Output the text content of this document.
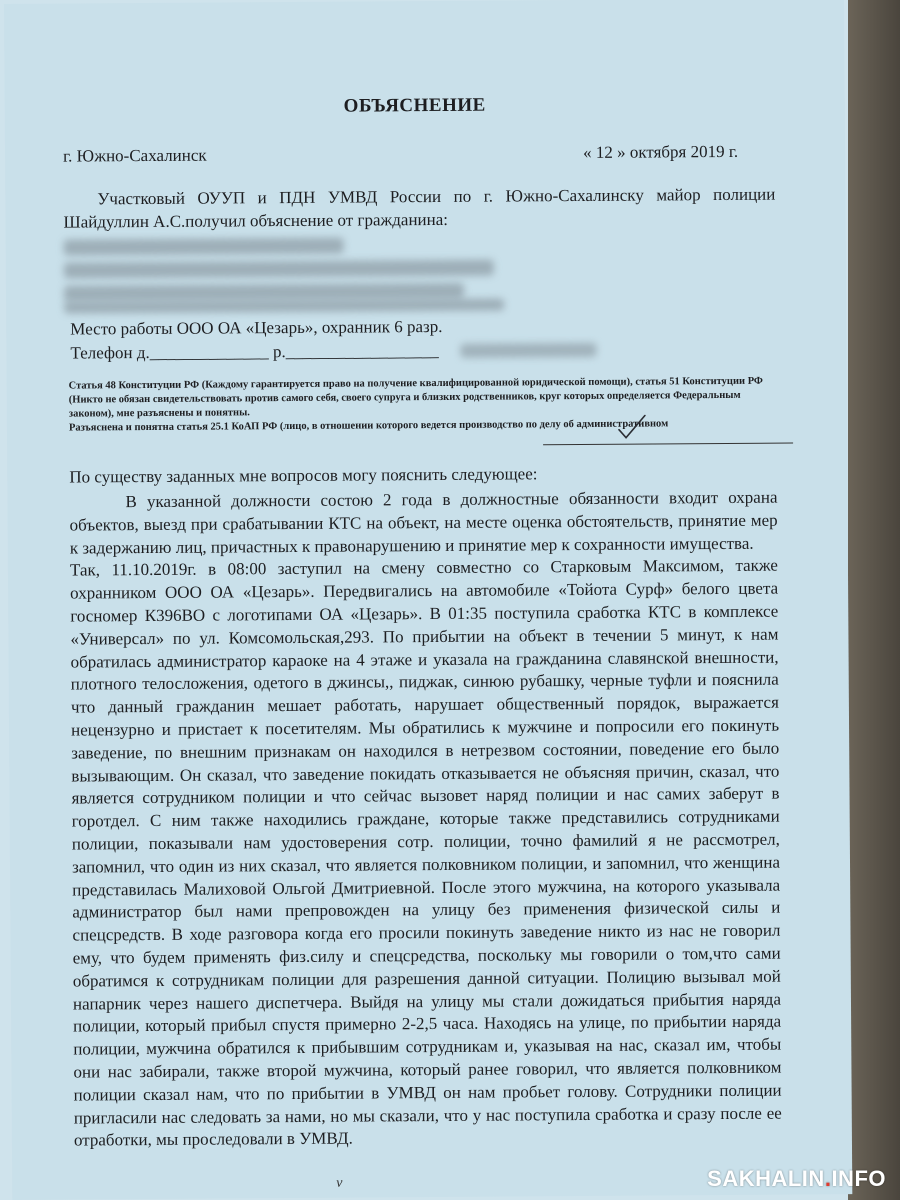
ОБЪЯСНЕНИЕ
г. Южно-Сахалинск	« 12 » октября 2019 г.
Участковый ОУУП и ПДН УМВД России по г. Южно-Сахалинску майор полиции Шайдуллин А.С.получил объяснение от гражданина:
Место работы ООО ОА «Цезарь», охранник 6 разр.
Телефон д.______________ р.__________________
Статья 48 Конституции РФ (Каждому гарантируется право на получение квалифицированной юридической помощи), статья 51 Конституции РФ (Никто не обязан свидетельствовать против самого себя, своего супруга и близких родственников, круг которых определяется Федеральным законом), мне разъяснены и понятны.
Разъяснена и понятна статья 25.1 КоАП РФ (лицо, в отношении которого ведется производство по делу об административном
По существу заданных мне вопросов могу пояснить следующее:

В указанной должности состою 2 года в должностные обязанности входит охрана объектов, выезд при срабатывании КТС на объект, на месте оценка обстоятельств, принятие мер к задержанию лиц, причастных к правонарушению и принятие мер к сохранности имущества.

Так, 11.10.2019г. в 08:00 заступил на смену совместно со Старковым Максимом, также охранником ООО ОА «Цезарь». Передвигались на автомобиле «Тойота Сурф» белого цвета госномер К396ВО с логотипами ОА «Цезарь». В 01:35 поступила сработка КТС в комплексе «Универсал» по ул. Комсомольская,293. По прибытии на объект в течении 5 минут, к нам обратилась администратор караоке на 4 этаже и указала на гражданина славянской внешности, плотного телосложения, одетого в джинсы,, пиджак, синюю рубашку, черные туфли и пояснила что данный гражданин мешает работать, нарушает общественный порядок, выражается нецензурно и пристает к посетителям. Мы обратились к мужчине и попросили его покинуть заведение, по внешним признакам он находился в нетрезвом состоянии, поведение его было вызывающим. Он сказал, что заведение покидать отказывается не объясняя причин, сказал, что является сотрудником полиции и что сейчас вызовет наряд полиции и нас самих заберут в горотдел. С ним также находились граждане, которые также представились сотрудниками полиции, показывали нам удостоверения сотр. полиции, точно фамилий я не рассмотрел, запомнил, что один из них сказал, что является полковником полиции, и запомнил, что женщина представилась Малиховой Ольгой Дмитриевной. После этого мужчина, на которого указывала администратор был нами препровожден на улицу без применения физической силы и спецсредств. В ходе разговора когда его просили покинуть заведение никто из нас не говорил ему, что будем применять физ.силу и спецсредства, поскольку мы говорили о том,что сами обратимся к сотрудникам полиции для разрешения данной ситуации. Полицию вызывал мой напарник через нашего диспетчера. Выйдя на улицу мы стали дожидаться прибытия наряда полиции, который прибыл спустя примерно 2-2,5 часа. Находясь на улице, по прибытии наряда полиции, мужчина обратился к прибывшим сотрудникам и, указывая на нас, сказал им, чтобы они нас забирали, также второй мужчина, который ранее говорил, что является полковником полиции сказал нам, что по прибытии в УМВД он нам пробьет голову. Сотрудники полиции пригласили нас следовать за нами, но мы сказали, что у нас поступила сработка и сразу после ее отработки, мы проследовали в УМВД.

v	SAKHALIN.INFO
